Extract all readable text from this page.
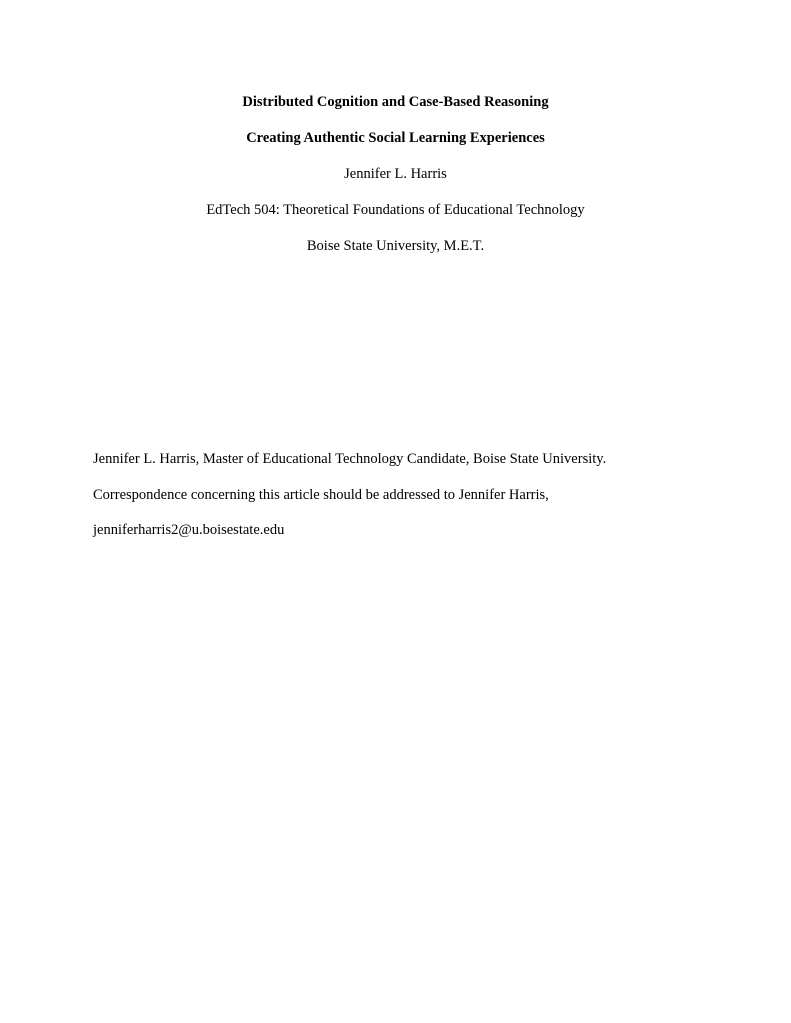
Distributed Cognition and Case-Based Reasoning
Creating Authentic Social Learning Experiences
Jennifer L. Harris
EdTech 504: Theoretical Foundations of Educational Technology
Boise State University, M.E.T.
Jennifer L. Harris, Master of Educational Technology Candidate, Boise State University.
Correspondence concerning this article should be addressed to Jennifer Harris,
jenniferharris2@u.boisestate.edu
